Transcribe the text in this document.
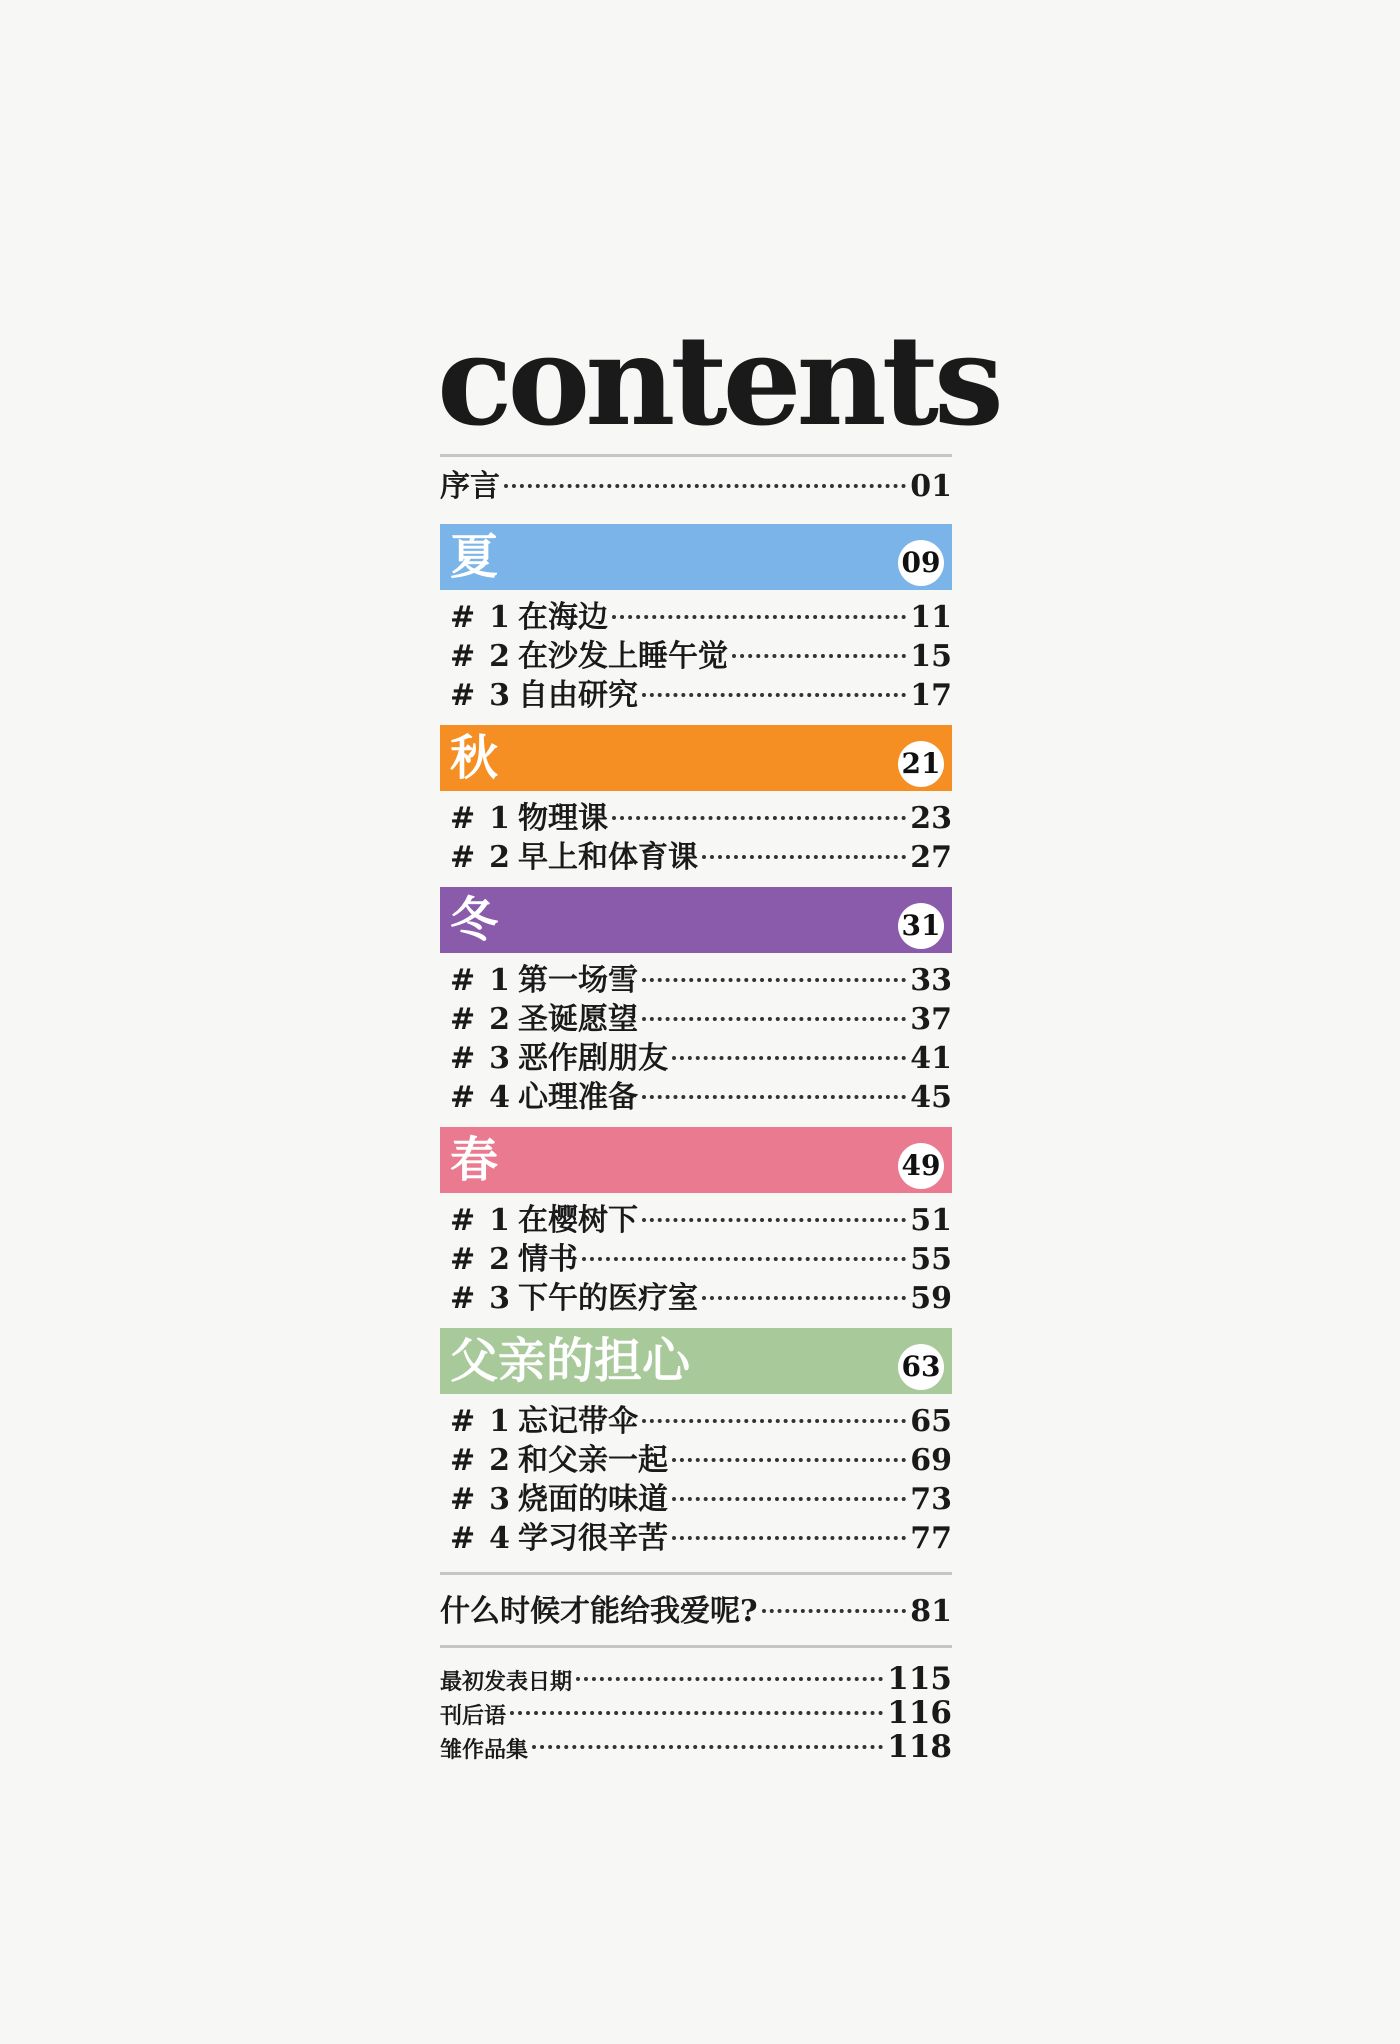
contents
序言	01
夏	09
# 1 在海边	11
# 2 在沙发上睡午觉	15
# 3 自由研究	17
秋	21
# 1 物理课	23
# 2 早上和体育课	27
冬	31
# 1 第一场雪	33
# 2 圣诞愿望	37
# 3 恶作剧朋友	41
# 4 心理准备	45
春	49
# 1 在樱树下	51
# 2 情书	55
# 3 下午的医疗室	59
父亲的担心	63
# 1 忘记带伞	65
# 2 和父亲一起	69
# 3 烧面的味道	73
# 4 学习很辛苦	77
什么时候才能给我爱呢?	81
最初发表日期	115
刊后语	116
雏作品集	118
